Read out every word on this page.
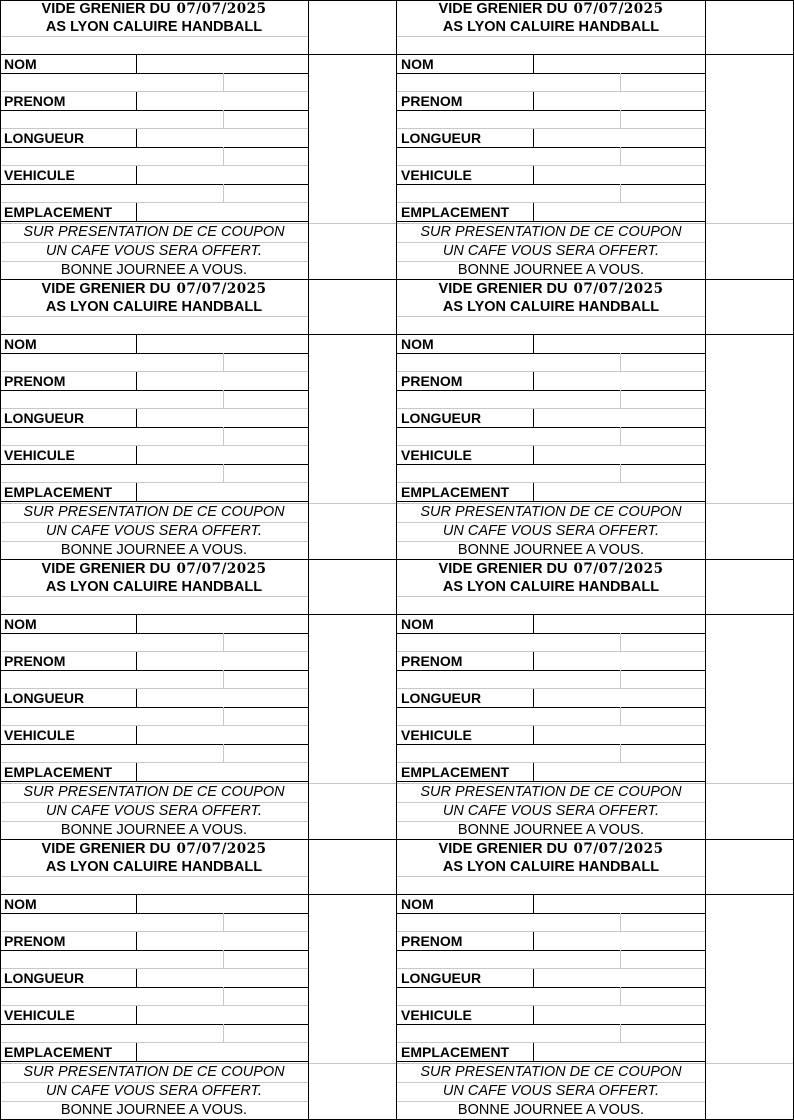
VIDE GRENIER DU 07/07/2025
AS LYON CALUIRE HANDBALL
NOM
PRENOM
LONGUEUR
VEHICULE
EMPLACEMENT
SUR PRESENTATION DE CE COUPON
UN CAFE VOUS SERA OFFERT.
BONNE JOURNEE A VOUS.
VIDE GRENIER DU 07/07/2025
AS LYON CALUIRE HANDBALL
NOM
PRENOM
LONGUEUR
VEHICULE
EMPLACEMENT
SUR PRESENTATION DE CE COUPON
UN CAFE VOUS SERA OFFERT.
BONNE JOURNEE A VOUS.
VIDE GRENIER DU 07/07/2025
AS LYON CALUIRE HANDBALL
NOM
PRENOM
LONGUEUR
VEHICULE
EMPLACEMENT
SUR PRESENTATION DE CE COUPON
UN CAFE VOUS SERA OFFERT.
BONNE JOURNEE A VOUS.
VIDE GRENIER DU 07/07/2025
AS LYON CALUIRE HANDBALL
NOM
PRENOM
LONGUEUR
VEHICULE
EMPLACEMENT
SUR PRESENTATION DE CE COUPON
UN CAFE VOUS SERA OFFERT.
BONNE JOURNEE A VOUS.
VIDE GRENIER DU 07/07/2025
AS LYON CALUIRE HANDBALL
NOM
PRENOM
LONGUEUR
VEHICULE
EMPLACEMENT
SUR PRESENTATION DE CE COUPON
UN CAFE VOUS SERA OFFERT.
BONNE JOURNEE A VOUS.
VIDE GRENIER DU 07/07/2025
AS LYON CALUIRE HANDBALL
NOM
PRENOM
LONGUEUR
VEHICULE
EMPLACEMENT
SUR PRESENTATION DE CE COUPON
UN CAFE VOUS SERA OFFERT.
BONNE JOURNEE A VOUS.
VIDE GRENIER DU 07/07/2025
AS LYON CALUIRE HANDBALL
NOM
PRENOM
LONGUEUR
VEHICULE
EMPLACEMENT
SUR PRESENTATION DE CE COUPON
UN CAFE VOUS SERA OFFERT.
BONNE JOURNEE A VOUS.
VIDE GRENIER DU 07/07/2025
AS LYON CALUIRE HANDBALL
NOM
PRENOM
LONGUEUR
VEHICULE
EMPLACEMENT
SUR PRESENTATION DE CE COUPON
UN CAFE VOUS SERA OFFERT.
BONNE JOURNEE A VOUS.
